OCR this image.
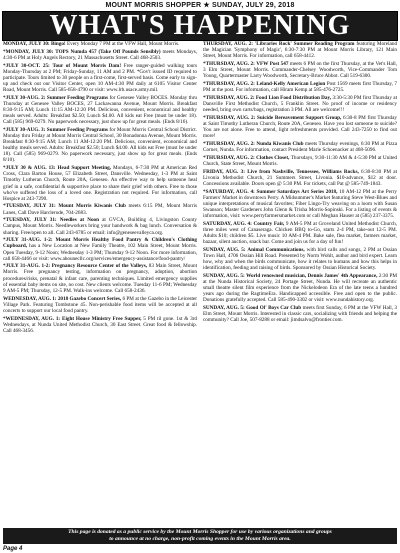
MOUNT MORRIS SHOPPER ★ SUNDAY, JULY 29, 2018
WHAT'S HAPPENING

MONDAY, JULY 30: Bingo! Every Monday 7 PM at the VFW Hall, Mount Morris.

*MONDAY, JULY 30: TOPS Numda 457 (Take Off Pounds Sensibly) meets Mondays, 4:30-6 PM at Holy Angels Rectory, 21 Massachusetts Street. Call 468-2503.

*JULY 30-OCT. 25: Tour of Mount Morris Dam! Free ranger-guided walking tours Monday-Thursday at 2 PM; Friday-Sunday, 11 AM and 2 PM. *Gov't issued ID required to participate. Tours limited to 30 people on a first-come, first-served basis. Come early to sign-up and check out our Visitor Center, open 10 AM-4:30 PM daily at 6105 Visitor Center Road, Mount Morris. Call 585-658-4790 or visit: www.lrb.usace.army.mil.

*JULY 30-AUG. 2: Summer Feeding Programs for Genesee Valley BOCES. Monday thru Thursday at Genesee Valley BOCES, 27 Lackawanna Avenue, Mount Morris. Breakfast 8:30-9:15 AM; Lunch 11:15 AM-12:20 PM. Delicious, convenient, economical and healthy meals served. Adults: Breakfast $2.50; Lunch $4.00. All kids eat Free (must be under 18). Call (585) 969-0279. No paperwork necessary, just show up for great meals. (Ends 8/16).

*JULY 30-AUG. 3: Summer Feeding Programs for Mount Morris Central School District. Monday thru Friday at Mount Morris Central School, 30 Bonadonna Avenue, Mount Morris. Breakfast 8:30-9:15 AM; Lunch 11 AM-12:20 PM. Delicious, convenient, economical and healthy meals served. Adults: Breakfast $2.50; Lunch $4.00. All kids eat Free (must be under 18). Call (585) 969-0279. No paperwork necessary, just show up for great meals. (Ends 8/10).

*JULY 30 & AUG. 13: Head Support Meeting, Mondays, 6-7:30 PM at American Red Cross, Clara Barton House, 57 Elizabeth Street, Dansville. Wednesday, 1-3 PM at Saint Timothy Lutheran Church, Route 20A, Geneseo. An effective way to help someone heal grief in a safe, confidential & supportive place to share their grief with others. Free to those who've suffered the loss of a loved one. Registration not required. For information, call Hospice at 243-7290.

*TUESDAY, JULY 31: Mount Morris Kiwanis Club meets 6:15 PM, Mount Morris Lanes, Call Dave Harclerode, 704-2683.

*TUESDAY, JULY 31: Needles at Noon at GVCA, Building 4, Livingston County Campus, Mount Morris. Needleworkers bring your handwork & bag lunch. Conversation & sharing. Free/open to all. Call 243-6785 or email: info@geneseevalleyca.org.

*JULY 31-AUG. 1-2: Mount Morris Healthy Food Pantry & Children's Clothing Cupboard, has a New Location at New Family Theatre, 102 Main Street, Mount Morris. Open Tuesday, 9-12 Noon; Wednesday 1-3 PM; Thursday 9-12 Noon. For more information, call 658-4466 or visit: www.abounecllc.org/services/emergency-assistance/food-pantry/

*JULY 31-AUG. 1-2: Pregnancy Resource Center of the Valleys, 83 Main Street, Mount Morris. Free pregnancy testing, information on pregnancy, adoption, abortion procedures/risks, prenatal & infant care, parenting techniques. Limited emergency supplies of essential baby items on site, no cost. New clients welcome. Tuesday 11-6 PM; Wednesday 9 AM-5 PM; Thursday, 12-5 PM. Walk-ins welcome. Call 658-2436.

WEDNESDAY, AUG. 1: 2018 Gazebo Concert Series, 6 PM at the Gazebo in the Leicester Village Park. Featuring Tombstone 45. Non-perishable food items will be accepted at all concerts to support our local food pantry.

*WEDNESDAY, AUG. 1: Eight House Ministry Free Supper, 5 PM til gone. 1st & 3rd Wednesdays, at Nunda United Methodist Church, 30 East Street. Great food & fellowship. Call 468-3456.

THURSDAY, AUG. 2: 'Libraries Rock' Summer Reading Program featuring Moreland the Magician 'Symphony of Magic', 6:30-7:30 PM at Mount Morris Library, 121 Main Street, Mount Morris. For information, call 658-4412.

*THURSDAY, AUG. 2: VFW Post 547 meets 6 PM on the first Thursday, at the Vet's Hall, 3 Elm Street, Mount Morris. Commander-Chelsey Woodworth, Vice-Commander Tom Young, Quartermaster Larry Woodworth, Secretary-Bruce Abbot. Call 519-6300.

*THURSDAY, AUG. 2: Leland-Kelly American Legion Post 1569 meets first Thursday, 7 PM at the post. For information, call Hiram Kemp at 585-476-2725.

*THURSDAY, AUG. 2: Food Lion Food Distribution Day, 3:30-5:30 PM first Thursday at Dansville First Methodist Church, 5 Franklin Street. No proof of income or residency needed, bring own carts/bags, registration 3 PM. All are welcome!!!

*THURSDAY, AUG. 2: Suicide Bereavement Support Group, 6:30-8 PM first Thursday at Saint Timothy Lutheran Church, Route 20A, Geneseo. Have you lost someone to suicide? You are not alone. Free to attend, light refreshments provided. Call 243-7250 to find out more!

*THURSDAY, AUG. 2: Nunda Kiwanis Club meets Thursday evenings, 6:30 PM at Pizza Corner, Nunda. For information, contact President Marie Schoenacker at 468-5096.

*THURSDAY, AUG. 2: Clothes Closet, Thursdays, 9:30-11:30 AM & 4-5:30 PM at United Church, State Street, Mount Morris.

FRIDAY, AUG. 3: Live from Nashville, Tennessee, Williams Rocks, 6:30-8:30 PM at Livonia Methodist Church, 21 Summers Street, Livonia. $10-advance, $12 at door. Concessions available. Doors open @ 5:30 PM. For tickets, call Pat @ 585-749-1843.

*SATURDAY, AUG. 4: Summer Saturdays Art Series 2018, 10 AM-12 PM at the Perry Farmers' Market in downtown Perry. A Midsummer's Market featuring Steve West-Blues and unique interpretations of musical favorites; Fiber Lingo-Try weaving on a loom with Susan Swanson; Master Gardeners John Glenn & Trisha Morris-Sopinski. For a listing of events & information, visit: www.perryfarmersmarket.com or call Meghan Hauser at (585) 237-3375.

SATURDAY, AUG. 4: Country Fair, 9 AM-5 PM at Groveland United Methodist Church, three miles west of Canaseraga. Chicken BBQ to-Go, starts 2-4 PM, take-out 12-5 PM. Adults $10; children $5. Live music 10 AM-4 PM. Bake sale, flea market, farmers market, bazaar, silent auction, snack bar. Come and join us for a day of fun!

SUNDAY, AUG. 5: Animal Communications, with bird calls and songs, 2 PM at Ossian Town Hall, 4706 Ossian Hill Road. Presented by Norm Wohlt, author and bird expert. Learn how, why and when the birds communicate, how it relates to humans and how this helps in identification, feeding and raising of birds. Sponsored by Ossian Historical Society.

SUNDAY, AUG. 5: World renowned musician, Dennis James' 4th Appearance, 2:30 PM at the Nunda Historical Society, 24 Portage Street, Nunda. He will recreate an authentic small theatre silent film experience from the Nickelodeon Era of the late teens a hundred years ago during the RagtimeEra. Handicapped accessible. Free and open to the public. Donations gratefully accepted. Call 585-490-3302 or visit: www.nundahistory.org.

SUNDAY, AUG. 5: Good Ol' Boys Car Club meets first Sunday, 6 PM at the VFW Hall, 3 Elm Street, Mount Morris. Interested in classic cars, socializing with friends and helping the community? Call Joe, 507-8288 or email: jimdsalvo@frontier.com.

This page is donated as a public service by the Mount Morris Shopper for use by various organizations and groups
to announce at no charge, non-profit coming events in the Mount Morris area.
Page 4
